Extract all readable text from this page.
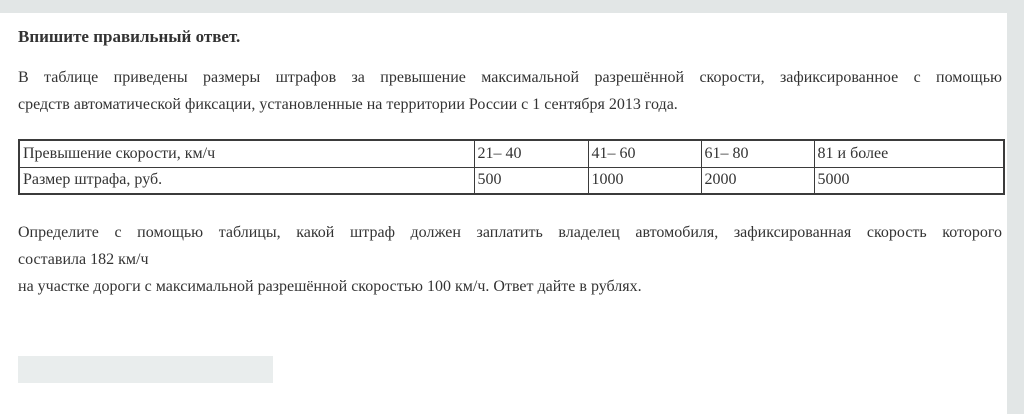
Впишите правильный ответ.
В таблице приведены размеры штрафов за превышение максимальной разрешённой скорости, зафиксированное с помощью
средств автоматической фиксации, установленные на территории России с 1 сентября 2013 года.
Превышение скорости, км/ч	21– 40	41– 60	61– 80	81 и более
Размер штрафа, руб.	500	1000	2000	5000
Определите с помощью таблицы, какой штраф должен заплатить владелец автомобиля, зафиксированная скорость которого
составила 182 км/ч
на участке дороги с максимальной разрешённой скоростью 100 км/ч. Ответ дайте в рублях.
